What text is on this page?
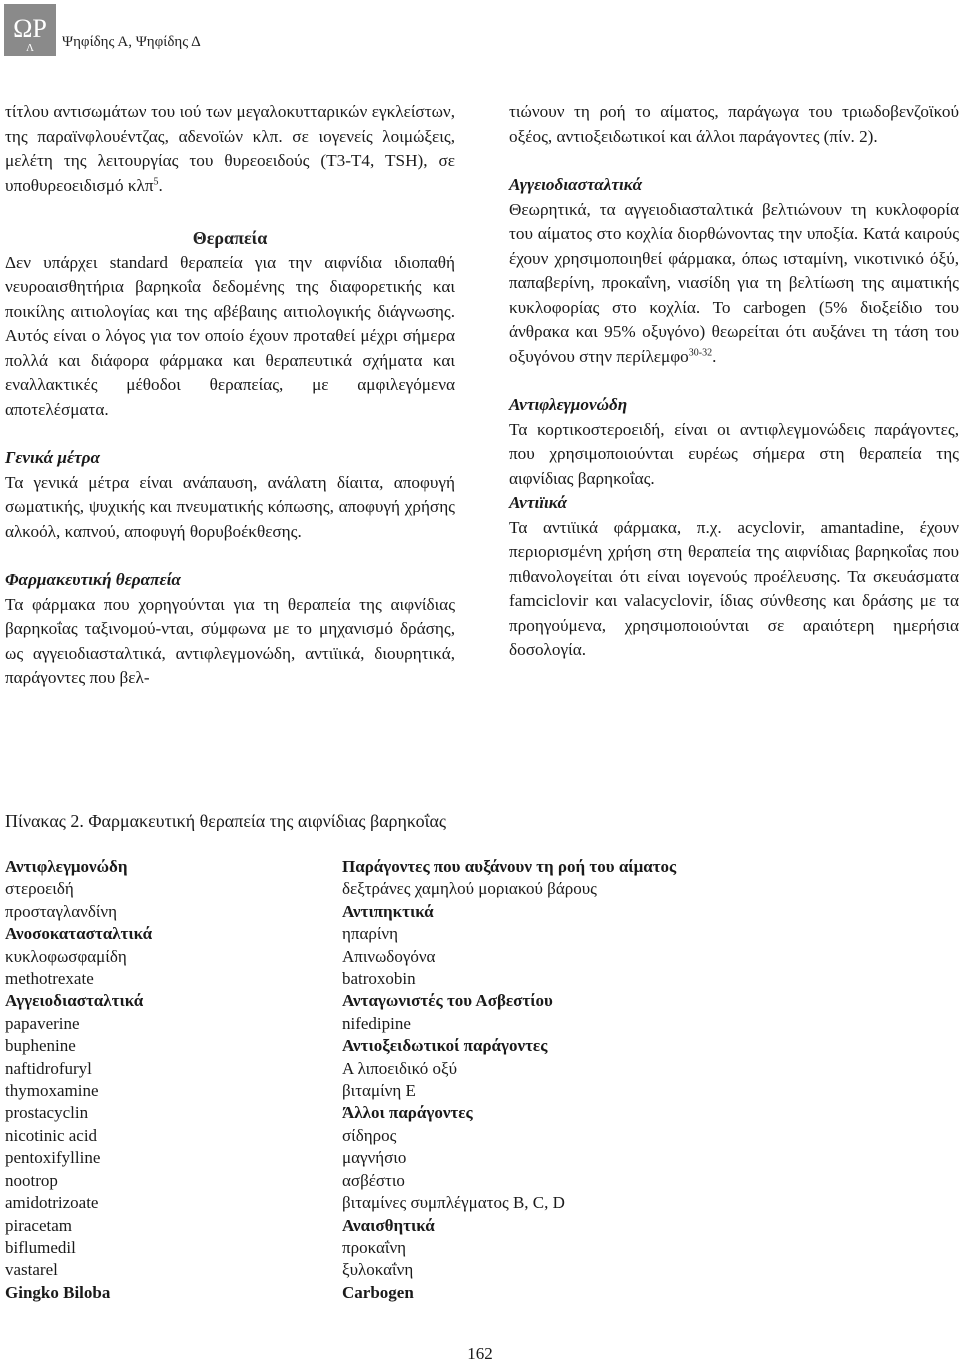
ΩΡ
Λ Ψηφίδης Α, Ψηφίδης Δ

τίτλου αντισωμάτων του ιού των μεγαλοκυτταρικών εγκλείστων, της παραϊνφλουέντζας, αδενοϊών κλπ. σε ιογενείς λοιμώξεις, μελέτη της λειτουργίας του θυρεοειδούς (T3-T4, TSH), σε υποθυρεοειδισμό κλπ$^5$.

Θεραπεία

Δεν υπάρχει standard θεραπεία για την αιφνίδια ιδιοπαθή νευροαισθητήρια βαρηκοΐα δεδομένης της διαφορετικής και ποικίλης αιτιολογίας και της αβέβαιης αιτιολογικής διάγνωσης. Αυτός είναι ο λόγος για τον οποίο έχουν προταθεί μέχρι σήμερα πολλά και διάφορα φάρμακα και θεραπευτικά σχήματα και εναλλακτικές μέθοδοι θεραπείας, με αμφιλεγόμενα αποτελέσματα.

Γενικά μέτρα

Τα γενικά μέτρα είναι ανάπαυση, ανάλατη δίαιτα, αποφυγή σωματικής, ψυχικής και πνευματικής κόπωσης, αποφυγή χρήσης αλκοόλ, καπνού, αποφυγή θορυβοέκθεσης.

Φαρμακευτική θεραπεία

Τα φάρμακα που χορηγούνται για τη θεραπεία της αιφνίδιας βαρηκοΐας ταξινομού-νται, σύμφωνα με το μηχανισμό δράσης, ως αγγειοδιασταλτικά, αντιφλεγμονώδη, αντιϊικά, διουρητικά, παράγοντες που βελ-

τιώνουν τη ροή το αίματος, παράγωγα του τριωδοβενζοϊκού οξέος, αντιοξειδωτικοί και άλλοι παράγοντες (πίν. 2).

Αγγειοδιασταλτικά

Θεωρητικά, τα αγγειοδιασταλτικά βελτιώνουν τη κυκλοφορία του αίματος στο κοχλία διορθώνοντας την υποξία. Κατά καιρούς έχουν χρησιμοποιηθεί φάρμακα, όπως ισταμίνη, νικοτινικό όξύ, παπαβερίνη, προκαΐνη, νιασίδη για τη βελτίωση της αιματικής κυκλοφορίας στο κοχλία. Το carbogen (5% διοξείδιο του άνθρακα και 95% οξυγόνο) θεωρείται ότι αυξάνει τη τάση του οξυγόνου στην περίλεμφο$^{30-32}$.

Αντιφλεγμονώδη

Τα κορτικοστεροειδή, είναι οι αντιφλεγμονώδεις παράγοντες, που χρησιμοποιούνται ευρέως σήμερα στη θεραπεία της αιφνίδιας βαρηκοΐας.

Αντιϊικά

Τα αντιϊικά φάρμακα, π.χ. acyclovir, amantadine, έχουν περιορισμένη χρήση στη θεραπεία της αιφνίδιας βαρηκοΐας που πιθανολογείται ότι είναι ιογενούς προέλευσης. Τα σκευάσματα famciclovir και valacyclovir, ίδιας σύνθεσης και δράσης με τα προηγούμενα, χρησιμοποιούνται σε αραιότερη ημερήσια δοσολογία.

Πίνακας 2. Φαρμακευτική θεραπεία της αιφνίδιας βαρηκοΐας
Αντιφλεγμονώδη
στεροειδή
προσταγλανδίνη
Ανοσοκατασταλτικά
κυκλοφωσφαμίδη
methotrexate
Αγγειοδιασταλτικά
papaverine
buphenine
naftidrofuryl
thymoxamine
prostacyclin
nicotinic acid
pentoxifylline
nootrop
amidotrizoate
piracetam
biflumedil
vastarel
Gingko Biloba
Παράγοντες που αυξάνουν τη ροή του αίματος
δεξτράνες χαμηλού μοριακού βάρους
Αντιπηκτικά
ηπαρίνη
Απινωδογόνα
batroxobin
Ανταγωνιστές του Ασβεστίου
nifedipine
Αντιοξειδωτικοί παράγοντες
Α λιποειδικό οξύ
βιταμίνη Ε
Άλλοι παράγοντες
σίδηρος
μαγνήσιο
ασβέστιο
βιταμίνες συμπλέγματος B, C, D
Αναισθητικά
προκαΐνη
ξυλοκαΐνη
Carbogen
162
